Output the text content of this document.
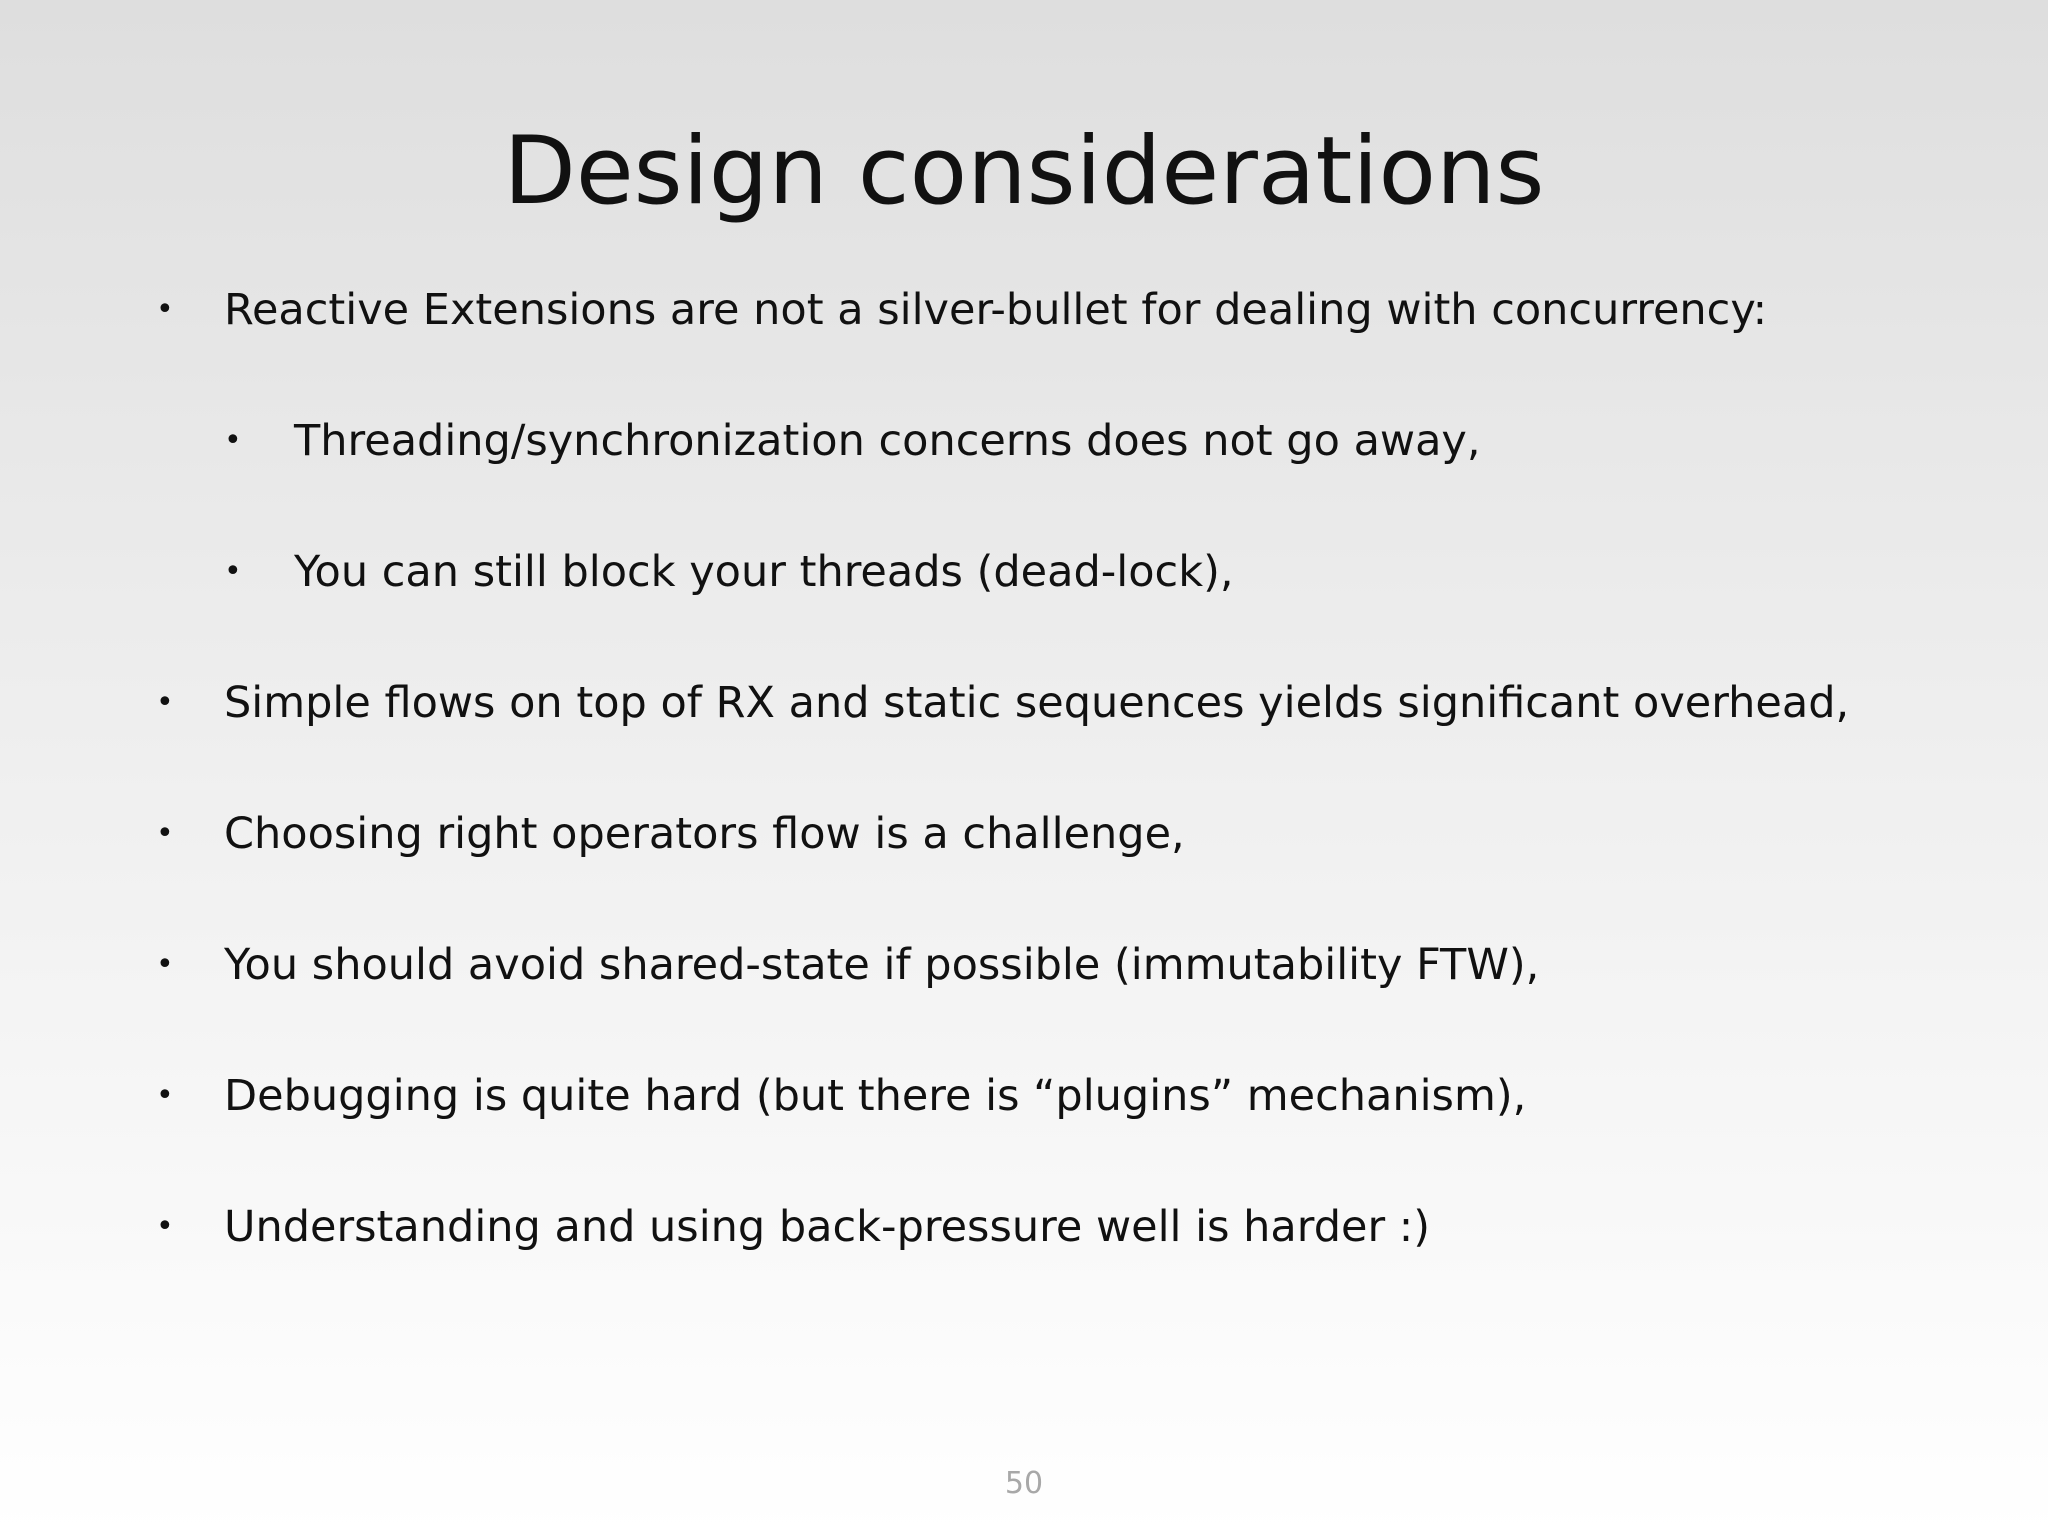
Design considerations
• Reactive Extensions are not a silver-bullet for dealing with concurrency:
• Threading/synchronization concerns does not go away,
• You can still block your threads (dead-lock),
• Simple flows on top of RX and static sequences yields significant overhead,
• Choosing right operators flow is a challenge,
• You should avoid shared-state if possible (immutability FTW),
• Debugging is quite hard (but there is “plugins” mechanism),
• Understanding and using back-pressure well is harder :)
50
